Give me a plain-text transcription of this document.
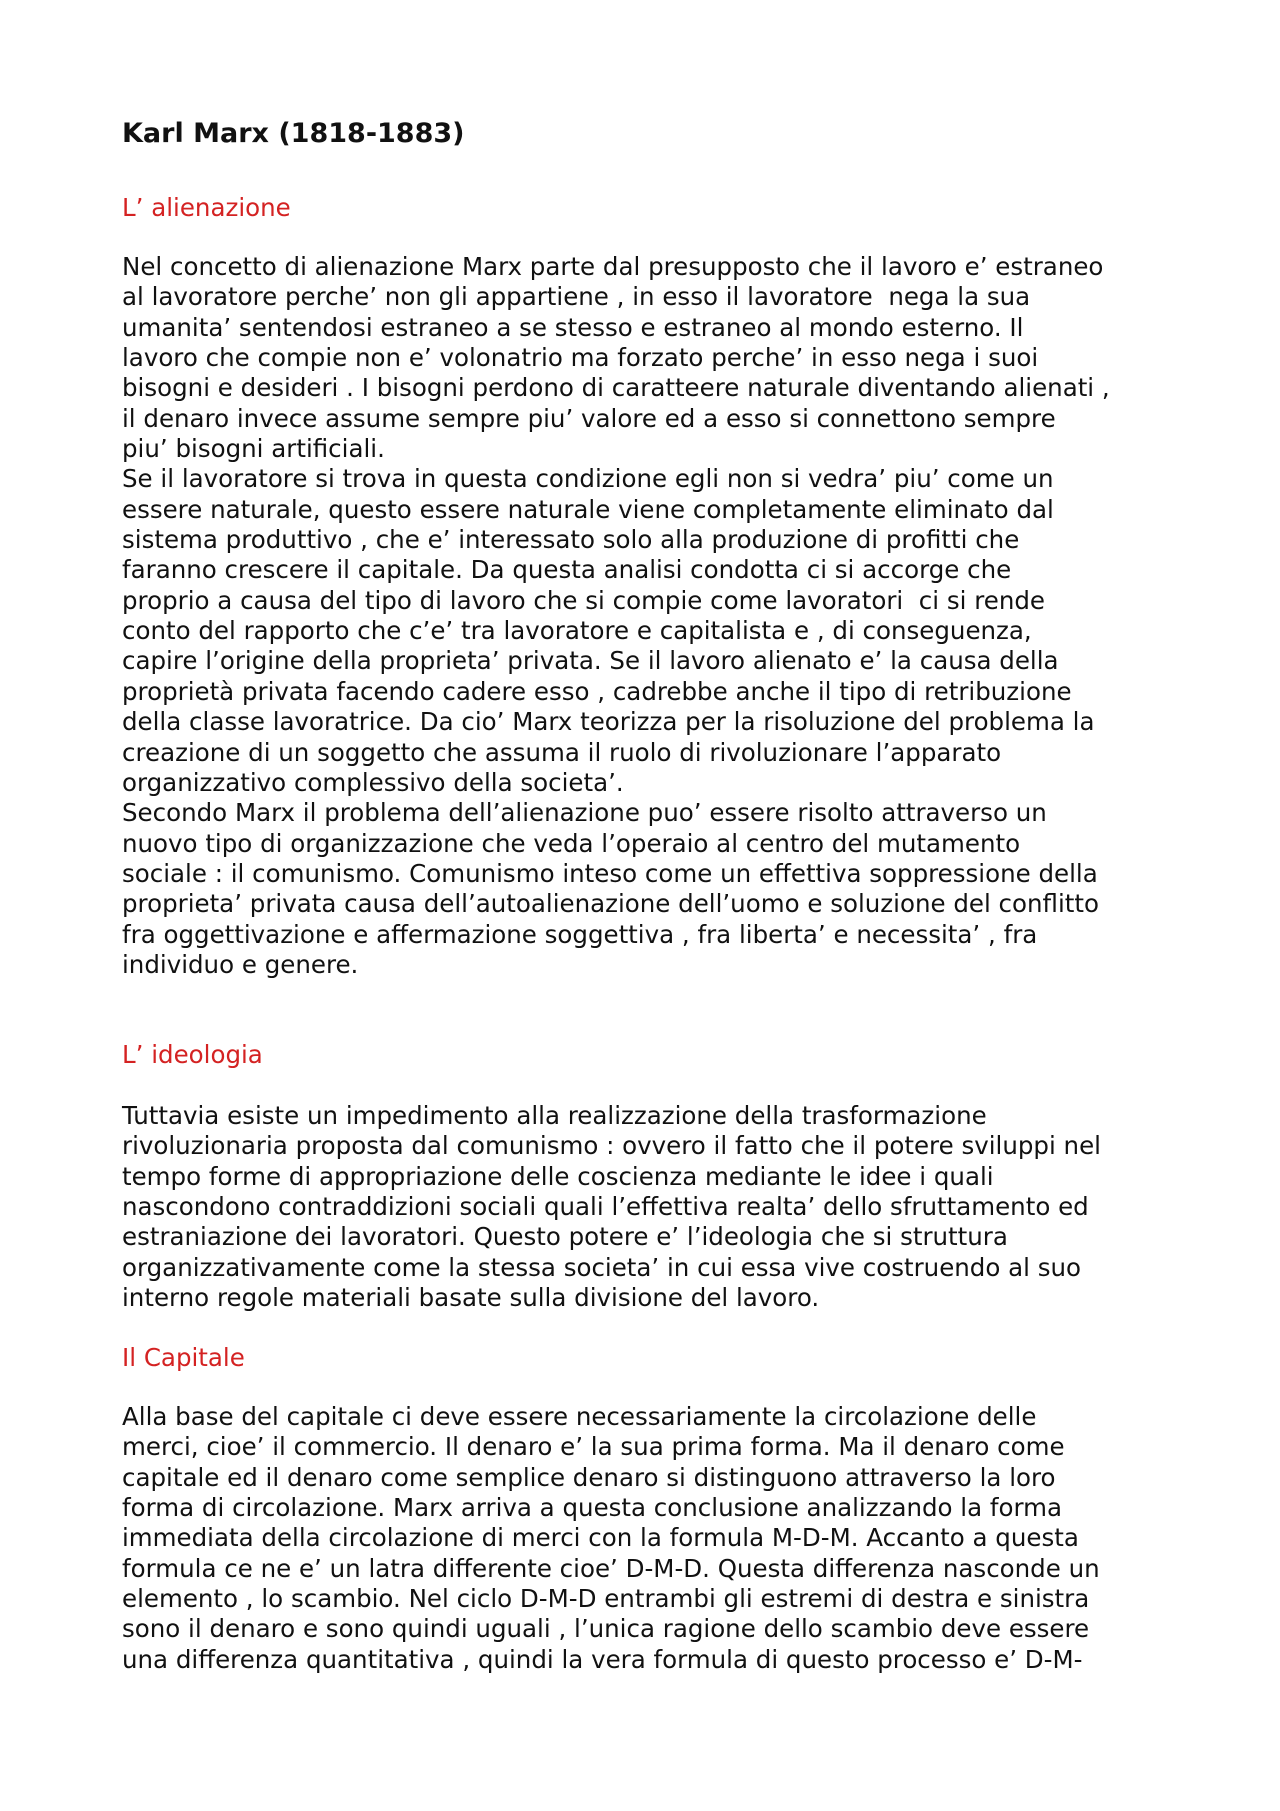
Karl Marx (1818-1883)
L’ alienazione
Nel concetto di alienazione Marx parte dal presupposto che il lavoro e’ estraneo
al lavoratore perche’ non gli appartiene , in esso il lavoratore  nega la sua
umanita’ sentendosi estraneo a se stesso e estraneo al mondo esterno. Il
lavoro che compie non e’ volonatrio ma forzato perche’ in esso nega i suoi
bisogni e desideri . I bisogni perdono di caratteere naturale diventando alienati ,
il denaro invece assume sempre piu’ valore ed a esso si connettono sempre
piu’ bisogni artificiali.
Se il lavoratore si trova in questa condizione egli non si vedra’ piu’ come un
essere naturale, questo essere naturale viene completamente eliminato dal
sistema produttivo , che e’ interessato solo alla produzione di profitti che
faranno crescere il capitale. Da questa analisi condotta ci si accorge che
proprio a causa del tipo di lavoro che si compie come lavoratori  ci si rende
conto del rapporto che c’e’ tra lavoratore e capitalista e , di conseguenza,
capire l’origine della proprieta’ privata. Se il lavoro alienato e’ la causa della
proprietà privata facendo cadere esso , cadrebbe anche il tipo di retribuzione
della classe lavoratrice. Da cio’ Marx teorizza per la risoluzione del problema la
creazione di un soggetto che assuma il ruolo di rivoluzionare l’apparato
organizzativo complessivo della societa’.
Secondo Marx il problema dell’alienazione puo’ essere risolto attraverso un
nuovo tipo di organizzazione che veda l’operaio al centro del mutamento
sociale : il comunismo. Comunismo inteso come un effettiva soppressione della
proprieta’ privata causa dell’autoalienazione dell’uomo e soluzione del conflitto
fra oggettivazione e affermazione soggettiva , fra liberta’ e necessita’ , fra
individuo e genere.
L’ ideologia
Tuttavia esiste un impedimento alla realizzazione della trasformazione
rivoluzionaria proposta dal comunismo : ovvero il fatto che il potere sviluppi nel
tempo forme di appropriazione delle coscienza mediante le idee i quali
nascondono contraddizioni sociali quali l’effettiva realta’ dello sfruttamento ed
estraniazione dei lavoratori. Questo potere e’ l’ideologia che si struttura
organizzativamente come la stessa societa’ in cui essa vive costruendo al suo
interno regole materiali basate sulla divisione del lavoro.
Il Capitale
Alla base del capitale ci deve essere necessariamente la circolazione delle
merci, cioe’ il commercio. Il denaro e’ la sua prima forma. Ma il denaro come
capitale ed il denaro come semplice denaro si distinguono attraverso la loro
forma di circolazione. Marx arriva a questa conclusione analizzando la forma
immediata della circolazione di merci con la formula M-D-M. Accanto a questa
formula ce ne e’ un latra differente cioe’ D-M-D. Questa differenza nasconde un
elemento , lo scambio. Nel ciclo D-M-D entrambi gli estremi di destra e sinistra
sono il denaro e sono quindi uguali , l’unica ragione dello scambio deve essere
una differenza quantitativa , quindi la vera formula di questo processo e’ D-M-
